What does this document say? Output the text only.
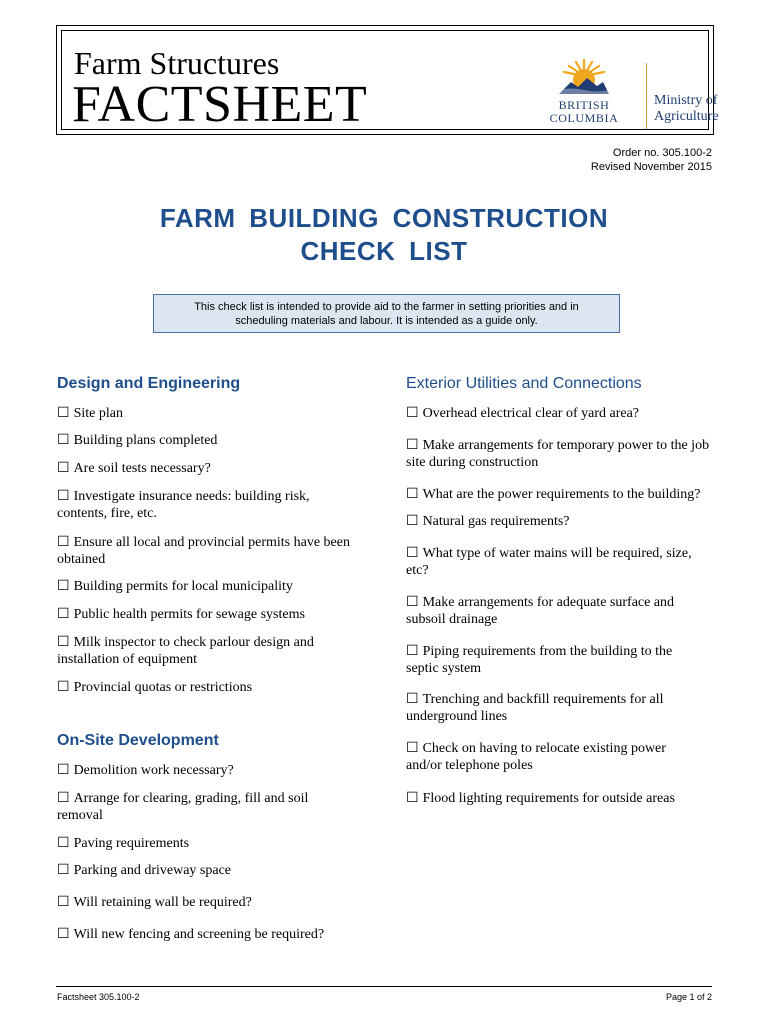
Farm Structures
FACTSHEET	BRITISH
COLUMBIA
Ministry of
Agriculture
Order no. 305.100-2
Revised November 2015
FARM BUILDING CONSTRUCTION
CHECK LIST
This check list is intended to provide aid to the farmer in setting priorities and in
scheduling materials and labour. It is intended as a guide only.
Design and Engineering
☐ Site plan
☐ Building plans completed
☐ Are soil tests necessary?
☐ Investigate insurance needs: building risk, contents, fire, etc.
☐ Ensure all local and provincial permits have been obtained
☐ Building permits for local municipality
☐ Public health permits for sewage systems
☐ Milk inspector to check parlour design and installation of equipment
☐ Provincial quotas or restrictions
On-Site Development
☐ Demolition work necessary?
☐ Arrange for clearing, grading, fill and soil removal
☐ Paving requirements
☐ Parking and driveway space
☐ Will retaining wall be required?
☐ Will new fencing and screening be required?
Exterior Utilities and Connections
☐ Overhead electrical clear of yard area?
☐ Make arrangements for temporary power to the job site during construction
☐ What are the power requirements to the building?
☐ Natural gas requirements?
☐ What type of water mains will be required, size, etc?
☐ Make arrangements for adequate surface and subsoil drainage
☐ Piping requirements from the building to the septic system
☐ Trenching and backfill requirements for all underground lines
☐ Check on having to relocate existing power and/or telephone poles
☐ Flood lighting requirements for outside areas
Factsheet 305.100-2	Page 1 of 2
